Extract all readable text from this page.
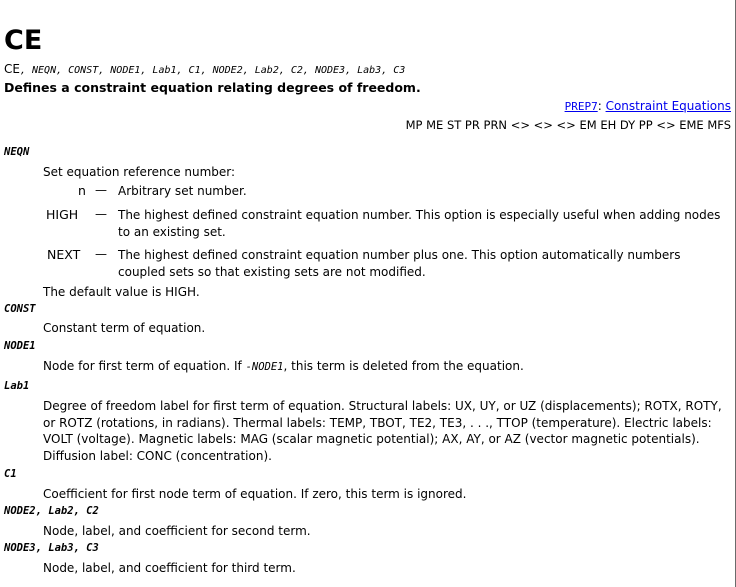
CE
CE, NEQN, CONST, NODE1, Lab1, C1, NODE2, Lab2, C2, NODE3, Lab3, C3
Defines a constraint equation relating degrees of freedom.
PREP7: Constraint Equations
MP ME ST PR PRN <> <> <> EM EH DY PP <> EME MFS
NEQN
Set equation reference number:
n — Arbitrary set number.
HIGH — The highest defined constraint equation number. This option is especially useful when adding nodes to an existing set.
NEXT — The highest defined constraint equation number plus one. This option automatically numbers coupled sets so that existing sets are not modified.
The default value is HIGH.
CONST
Constant term of equation.
NODE1
Node for first term of equation. If -NODE1, this term is deleted from the equation.
Lab1
Degree of freedom label for first term of equation. Structural labels: UX, UY, or UZ (displacements); ROTX, ROTY, or ROTZ (rotations, in radians). Thermal labels: TEMP, TBOT, TE2, TE3, . . ., TTOP (temperature). Electric labels: VOLT (voltage). Magnetic labels: MAG (scalar magnetic potential); AX, AY, or AZ (vector magnetic potentials). Diffusion label: CONC (concentration).
C1
Coefficient for first node term of equation. If zero, this term is ignored.
NODE2, Lab2, C2
Node, label, and coefficient for second term.
NODE3, Lab3, C3
Node, label, and coefficient for third term.
